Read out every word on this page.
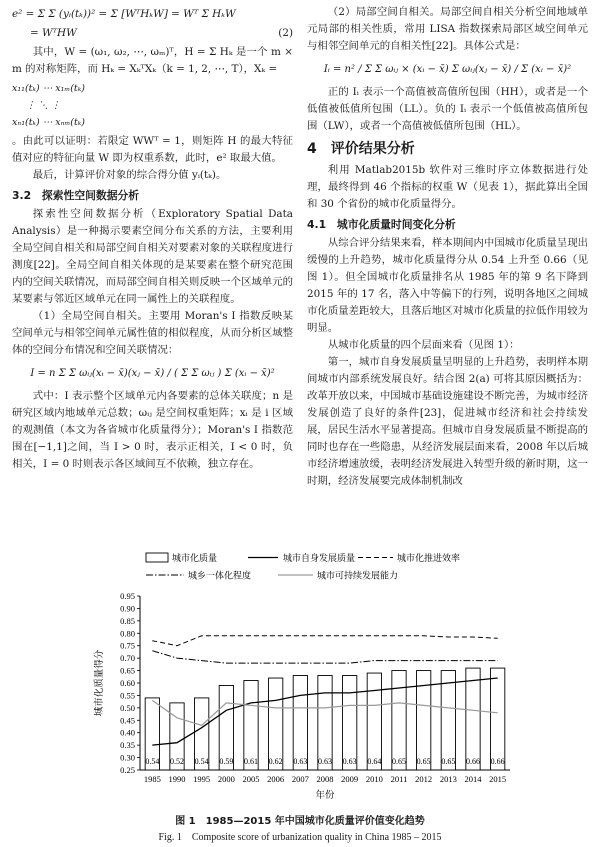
e² = Σ Σ (yᵢ(tₖ))² = Σ [WᵀHₖW] = Wᵀ Σ HₖW
= WᵀHW	(2)

其中，W = (ω₁, ω₂, ⋯, ωₘ)ᵀ，H = Σ Hₖ 是一个 m × m 的对称矩阵，而 Hₖ = XₖᵀXₖ（k = 1, 2, ⋯, T），Xₖ =

x₁₁(tₖ) ⋯ x₁ₘ(tₖ)
⋮ ⋱ ⋮
xₙ₁(tₖ) ⋯ xₙₘ(tₖ)

。由此可以证明：若限定 WWᵀ = 1，则矩阵 H 的最大特征值对应的特征向量 W 即为权重系数，此时，e² 取最大值。

最后，计算评价对象的综合得分值 yᵢ(tₖ)。

3.2　探索性空间数据分析

探索性空间数据分析（Exploratory Spatial Data Analysis）是一种揭示要素空间分布关系的方法，主要利用全局空间自相关和局部空间自相关对要素对象的关联程度进行测度[22]。全局空间自相关体现的是某要素在整个研究范围内的空间关联情况，而局部空间自相关则反映一个区域单元的某要素与邻近区域单元在同一属性上的关联程度。

（1）全局空间自相关。主要用 Moran's I 指数反映某空间单元与相邻空间单元属性值的相似程度，从而分析区域整体的空间分布情况和空间关联情况：

I = n Σ Σ ωᵢⱼ(xᵢ − x̄)(xⱼ − x̄) / ( Σ Σ ωᵢⱼ ) Σ (xᵢ − x̄)²

式中：I 表示整个区域单元内各要素的总体关联度；n 是研究区域内地域单元总数；ωᵢⱼ 是空间权重矩阵；xᵢ 是 i 区域的观测值（本文为各省城市化质量得分）；Moran's I 指数范围在[−1,1]之间，当 I > 0 时，表示正相关，I < 0 时，负相关，I = 0 时则表示各区域间互不依赖，独立存在。

（2）局部空间自相关。局部空间自相关分析空间地域单元局部的相关性质，常用 LISA 指数探索局部区域空间单元与相邻空间单元的自相关性[22]。具体公式是：

Iᵢ = n² / Σ Σ ωᵢⱼ × (xᵢ − x̄) Σ ωᵢⱼ(xⱼ − x̄) / Σ (xᵢ − x̄)²

正的 Iᵢ 表示一个高值被高值所包围（HH），或者是一个低值被低值所包围（LL）。负的 Iᵢ 表示一个低值被高值所包围（LW），或者一个高值被低值所包围（HL）。

4　评价结果分析

利用 Matlab2015b 软件对三维时序立体数据进行处理，最终得到 46 个指标的权重 W（见表 1），据此算出全国和 30 个省份的城市化质量得分。

4.1　城市化质量时间变化分析

从综合评分结果来看，样本期间内中国城市化质量呈现出缓慢的上升趋势，城市化质量得分从 0.54 上升至 0.66（见图 1）。但全国城市化质量排名从 1985 年的第 9 名下降到 2015 年的 17 名，落入中等偏下的行列，说明各地区之间城市化质量差距较大，且落后地区对城市化质量的拉低作用较为明显。

从城市化质量的四个层面来看（见图 1）：

第一，城市自身发展质量呈明显的上升趋势，表明样本期间城市内部系统发展良好。结合图 2(a) 可将其原因概括为：改革开放以来，中国城市基础设施建设不断完善，为城市经济发展创造了良好的条件[23]，促进城市经济和社会持续发展，居民生活水平显著提高。但城市自身发展质量不断提高的同时也存在一些隐患，从经济发展层面来看，2008 年以后城市经济增速放缓，表明经济发展进入转型升级的新时期，这一时期，经济发展要完成体制机制改

0.25
0.30
0.35
0.40
0.45
0.50
0.55
0.60
0.65
0.70
0.75
0.80
0.85
0.90
0.95
城市化质量得分
0.54 0.52 0.54 0.59 0.61 0.62 0.63 0.63 0.63 0.64 0.65 0.65 0.65 0.66 0.66
1985 1990 1995 2000 2005 2006 2007 2008 2009 2010 2011 2012 2013 2014 2015
年份
城市化质量	城市自身发展质量	城市化推进效率
城乡一体化程度	城市可持续发展能力
图 1　1985—2015 年中国城市化质量评价值变化趋势
Fig. 1　Composite score of urbanization quality in China 1985 – 2015
